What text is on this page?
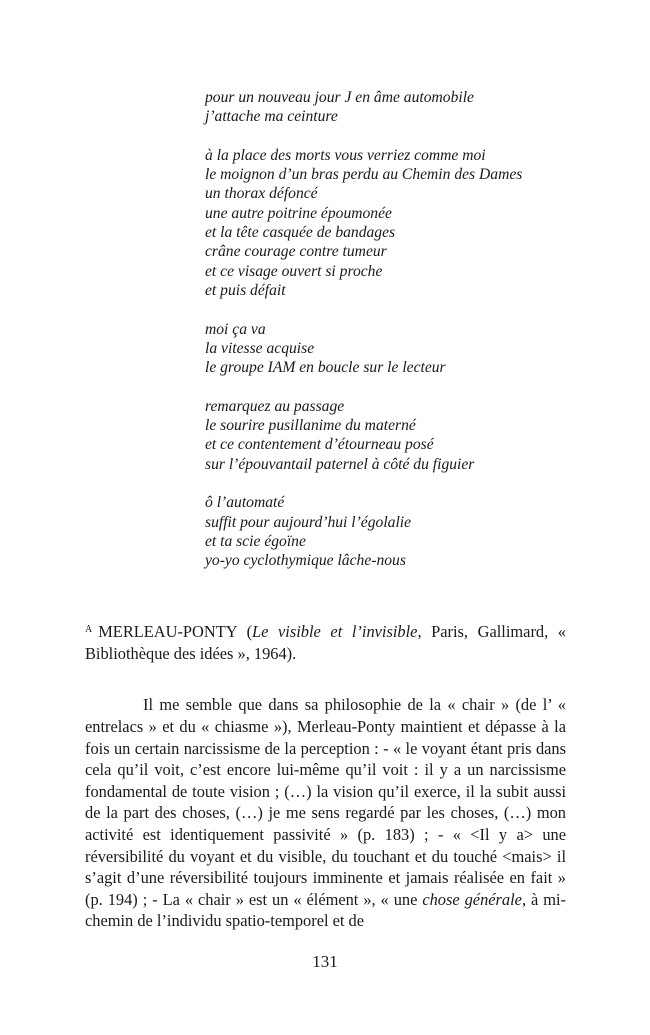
pour un nouveau jour J en âme automobile
j’attache ma ceinture
à la place des morts vous verriez comme moi
le moignon d’un bras perdu au Chemin des Dames
un thorax défoncé
une autre poitrine époumonée
et la tête casquée de bandages
crâne courage contre tumeur
et ce visage ouvert si proche
et puis défait
moi ça va
la vitesse acquise
le groupe IAM en boucle sur le lecteur
remarquez au passage
le sourire pusillanime du materné
et ce contentement d’étourneau posé
sur l’épouvantail paternel à côté du figuier
ô l’automaté
suffit pour aujourd’hui l’égolalie
et ta scie égoïne
yo-yo cyclothymique lâche-nous
$^A$ MERLEAU-PONTY (Le visible et l’invisible, Paris, Gallimard, « Bibliothèque des idées », 1964).

Il me semble que dans sa philosophie de la « chair » (de l’ « entrelacs » et du « chiasme »), Merleau-Ponty maintient et dépasse à la fois un certain narcissisme de la perception : - « le voyant étant pris dans cela qu’il voit, c’est encore lui-même qu’il voit : il y a un narcissisme fondamental de toute vision ; (…) la vision qu’il exerce, il la subit aussi de la part des choses, (…) je me sens regardé par les choses, (…) mon activité est identiquement passivité » (p. 183) ; - « <Il y a> une réversibilité du voyant et du visible, du touchant et du touché <mais> il s’agit d’une réversibilité toujours imminente et jamais réalisée en fait » (p. 194) ; - La « chair » est un « élément », « une chose générale, à mi-chemin de l’individu spatio-temporel et de

131
